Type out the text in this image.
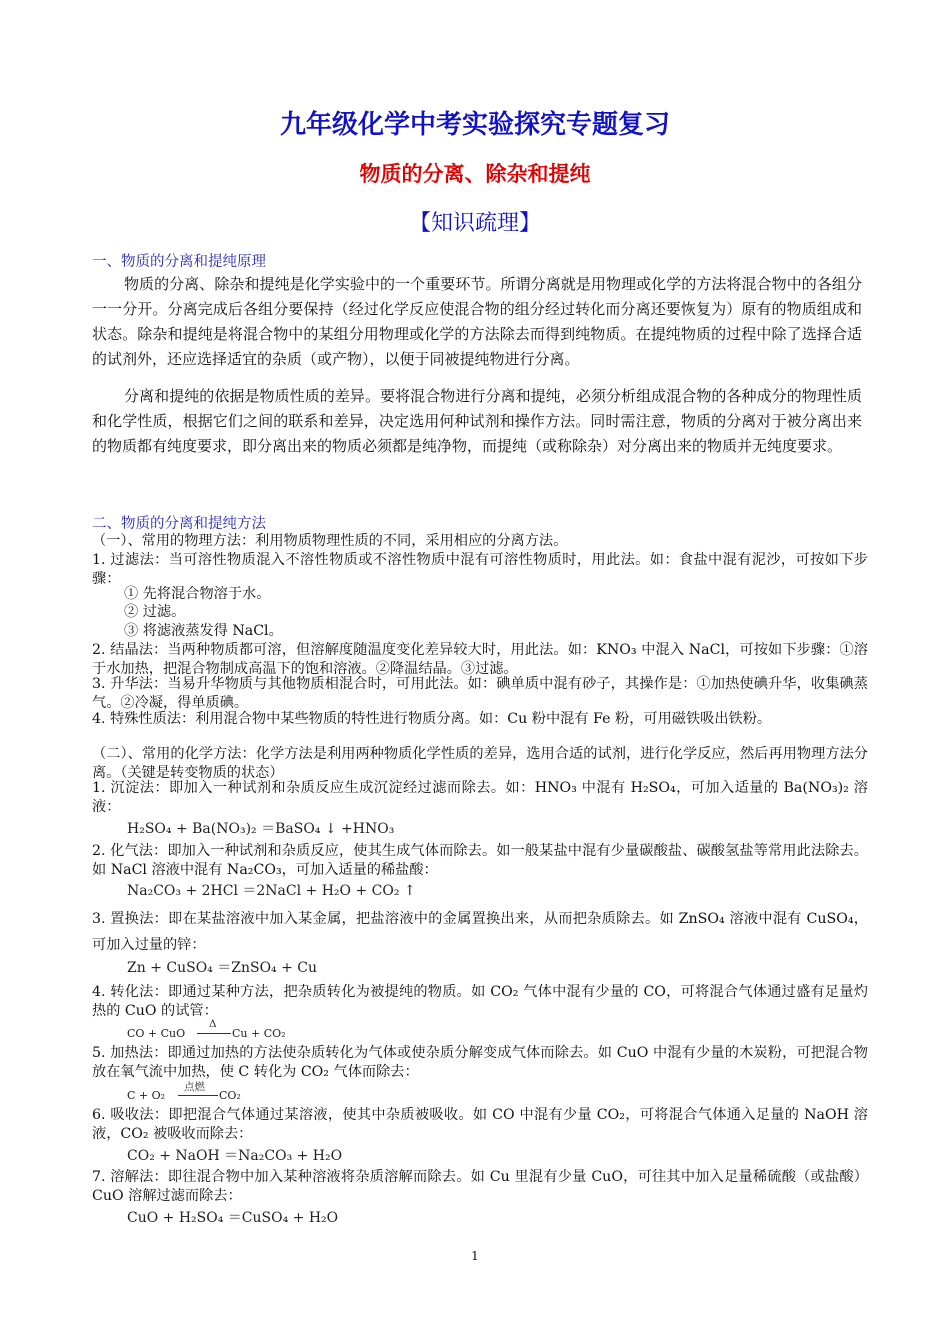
九年级化学中考实验探究专题复习
物质的分离、除杂和提纯
【知识疏理】
一、物质的分离和提纯原理
物质的分离、除杂和提纯是化学实验中的一个重要环节。所谓分离就是用物理或化学的方法将混合物中的各组分一一分开。分离完成后各组分要保持（经过化学反应使混合物的组分经过转化而分离还要恢复为）原有的物质组成和状态。除杂和提纯是将混合物中的某组分用物理或化学的方法除去而得到纯物质。在提纯物质的过程中除了选择合适的试剂外，还应选择适宜的杂质（或产物），以便于同被提纯物进行分离。
分离和提纯的依据是物质性质的差异。要将混合物进行分离和提纯，必须分析组成混合物的各种成分的物理性质和化学性质，根据它们之间的联系和差异，决定选用何种试剂和操作方法。同时需注意，物质的分离对于被分离出来的物质都有纯度要求，即分离出来的物质必须都是纯净物，而提纯（或称除杂）对分离出来的物质并无纯度要求。
二、物质的分离和提纯方法
（一）、常用的物理方法：利用物质物理性质的不同，采用相应的分离方法。
1. 过滤法：当可溶性物质混入不溶性物质或不溶性物质中混有可溶性物质时，用此法。如：食盐中混有泥沙，可按如下步骤：
① 先将混合物溶于水。
② 过滤。
③ 将滤液蒸发得 NaCl。
2. 结晶法：当两种物质都可溶，但溶解度随温度变化差异较大时，用此法。如：KNO₃ 中混入 NaCl，可按如下步骤：①溶于水加热，把混合物制成高温下的饱和溶液。②降温结晶。③过滤。
3. 升华法：当易升华物质与其他物质相混合时，可用此法。如：碘单质中混有砂子，其操作是：①加热使碘升华，收集碘蒸气。②冷凝，得单质碘。
4. 特殊性质法：利用混合物中某些物质的特性进行物质分离。如：Cu 粉中混有 Fe 粉，可用磁铁吸出铁粉。
（二）、常用的化学方法：化学方法是利用两种物质化学性质的差异，选用合适的试剂，进行化学反应，然后再用物理方法分离。（关键是转变物质的状态）
1. 沉淀法：即加入一种试剂和杂质反应生成沉淀经过滤而除去。如：HNO₃ 中混有 H₂SO₄，可加入适量的 Ba(NO₃)₂ 溶液：
H₂SO₄ + Ba(NO₃)₂ ＝BaSO₄ ↓ +HNO₃
2. 化气法：即加入一种试剂和杂质反应，使其生成气体而除去。如一般某盐中混有少量碳酸盐、碳酸氢盐等常用此法除去。如 NaCl 溶液中混有 Na₂CO₃，可加入适量的稀盐酸：
Na₂CO₃ + 2HCl ＝2NaCl + H₂O + CO₂ ↑
3. 置换法：即在某盐溶液中加入某金属，把盐溶液中的金属置换出来，从而把杂质除去。如 ZnSO₄ 溶液中混有 CuSO₄，可加入过量的锌：
Zn + CuSO₄ ＝ZnSO₄ + Cu
4. 转化法：即通过某种方法，把杂质转化为被提纯的物质。如 CO₂ 气体中混有少量的 CO，可将混合气体通过盛有足量灼热的 CuO 的试管：
CO + CuO
Δ
Cu + CO₂
5. 加热法：即通过加热的方法使杂质转化为气体或使杂质分解变成气体而除去。如 CuO 中混有少量的木炭粉，可把混合物放在氧气流中加热，使 C 转化为 CO₂ 气体而除去：
C + O₂
点燃
CO₂
6. 吸收法：即把混合气体通过某溶液，使其中杂质被吸收。如 CO 中混有少量 CO₂，可将混合气体通入足量的 NaOH 溶液，CO₂ 被吸收而除去：
CO₂ + NaOH ＝Na₂CO₃ + H₂O
7. 溶解法：即往混合物中加入某种溶液将杂质溶解而除去。如 Cu 里混有少量 CuO，可往其中加入足量稀硫酸（或盐酸）CuO 溶解过滤而除去：
CuO + H₂SO₄ ＝CuSO₄ + H₂O
1
